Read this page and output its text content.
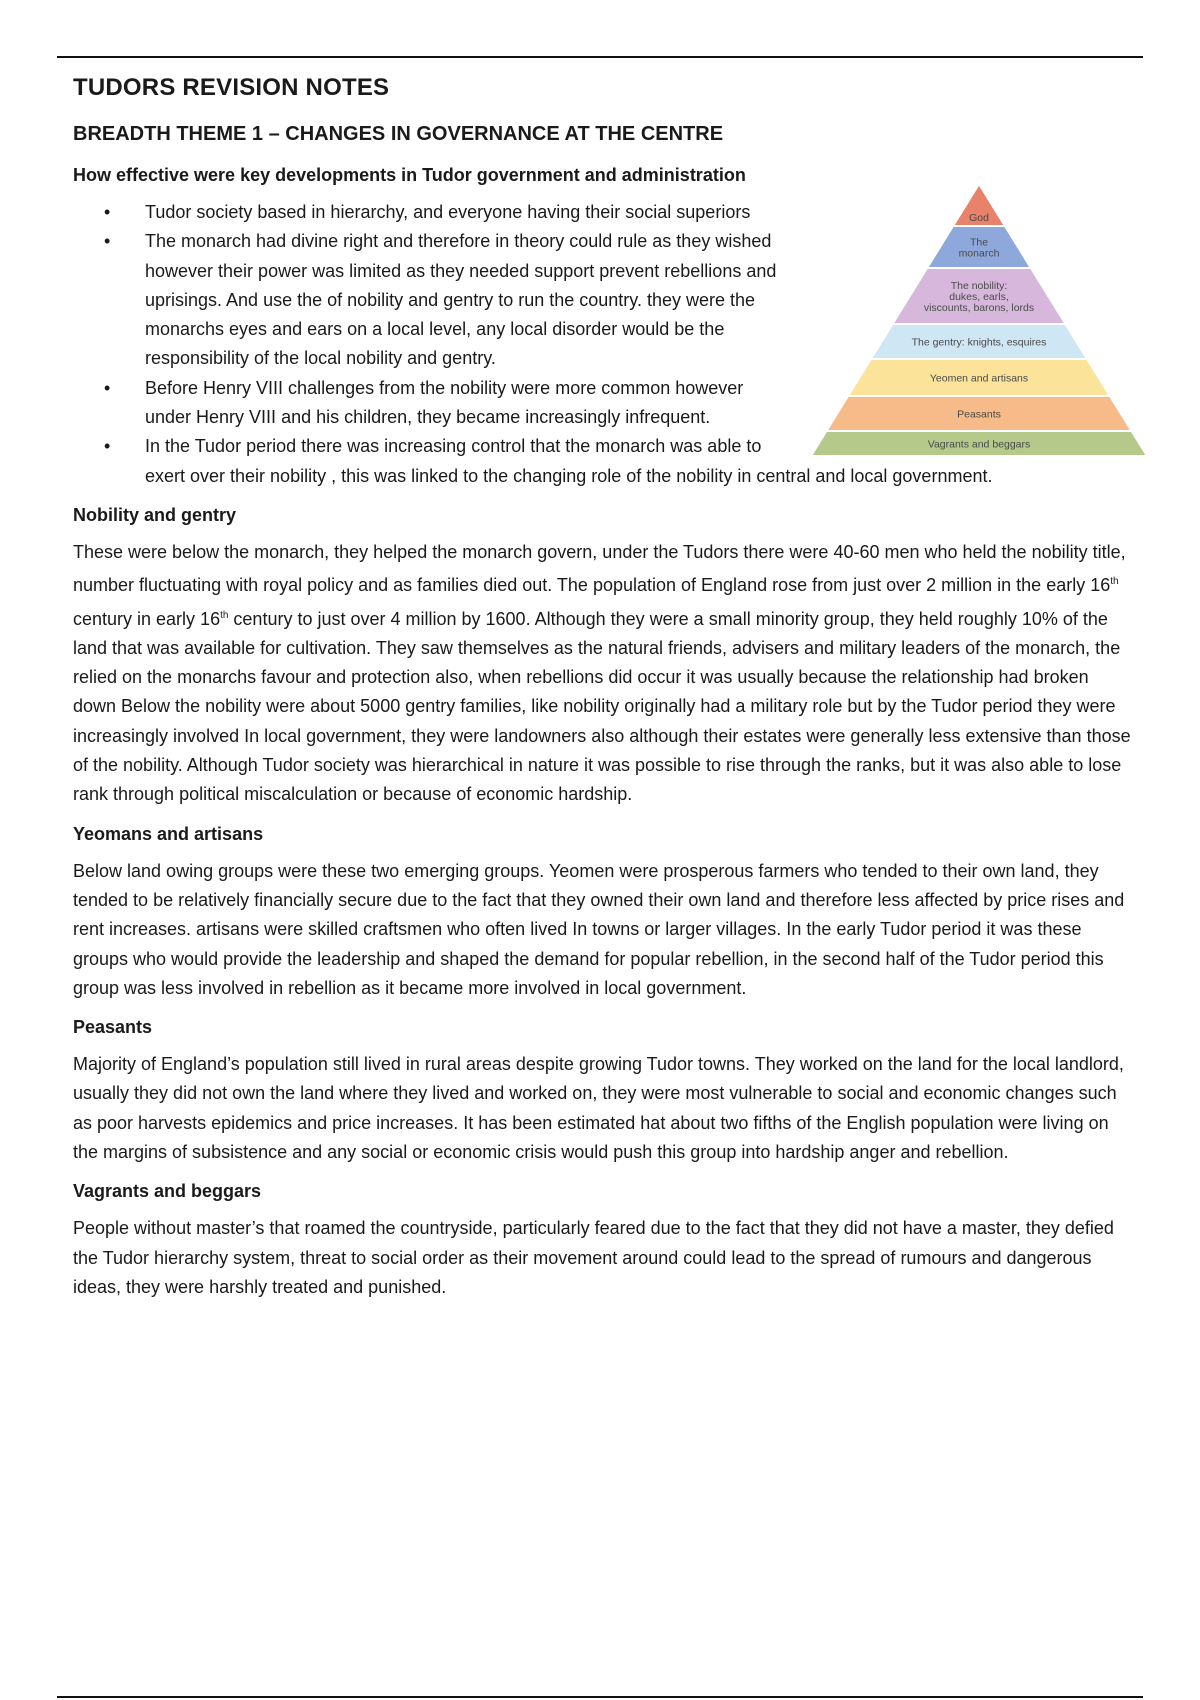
TUDORS REVISION NOTES
BREADTH THEME 1 – CHANGES IN GOVERNANCE AT THE CENTRE
How effective were key developments in Tudor government and administration
God
The
monarch
The nobility:
dukes, earls,
viscounts, barons, lords
The gentry: knights, esquires
Yeomen and artisans
Peasants
Vagrants and beggars
• Tudor society based in hierarchy, and everyone having their social superiors
• The monarch had divine right and therefore in theory could rule as they wished however their power was limited as they needed support prevent rebellions and uprisings. And use the of nobility and gentry to run the country. they were the monarchs eyes and ears on a local level, any local disorder would be the responsibility of the local nobility and gentry.
• Before Henry VIII challenges from the nobility were more common however under Henry VIII and his children, they became increasingly infrequent.
• In the Tudor period there was increasing control that the monarch was able to exert over their nobility , this was linked to the changing role of the nobility in central and local government.
Nobility and gentry

These were below the monarch, they helped the monarch govern, under the Tudors there were 40-60 men who held the nobility title, number fluctuating with royal policy and as families died out. The population of England rose from just over 2 million in the early 16th century in early 16th century to just over 4 million by 1600. Although they were a small minority group, they held roughly 10% of the land that was available for cultivation. They saw themselves as the natural friends, advisers and military leaders of the monarch, the relied on the monarchs favour and protection also, when rebellions did occur it was usually because the relationship had broken down Below the nobility were about 5000 gentry families, like nobility originally had a military role but by the Tudor period they were increasingly involved In local government, they were landowners also although their estates were generally less extensive than those of the nobility. Although Tudor society was hierarchical in nature it was possible to rise through the ranks, but it was also able to lose rank through political miscalculation or because of economic hardship.

Yeomans and artisans

Below land owing groups were these two emerging groups. Yeomen were prosperous farmers who tended to their own land, they tended to be relatively financially secure due to the fact that they owned their own land and therefore less affected by price rises and rent increases. artisans were skilled craftsmen who often lived In towns or larger villages. In the early Tudor period it was these groups who would provide the leadership and shaped the demand for popular rebellion, in the second half of the Tudor period this group was less involved in rebellion as it became more involved in local government.

Peasants

Majority of England’s population still lived in rural areas despite growing Tudor towns. They worked on the land for the local landlord, usually they did not own the land where they lived and worked on, they were most vulnerable to social and economic changes such as poor harvests epidemics and price increases. It has been estimated hat about two fifths of the English population were living on the margins of subsistence and any social or economic crisis would push this group into hardship anger and rebellion.

Vagrants and beggars

People without master’s that roamed the countryside, particularly feared due to the fact that they did not have a master, they defied the Tudor hierarchy system, threat to social order as their movement around could lead to the spread of rumours and dangerous ideas, they were harshly treated and punished.
